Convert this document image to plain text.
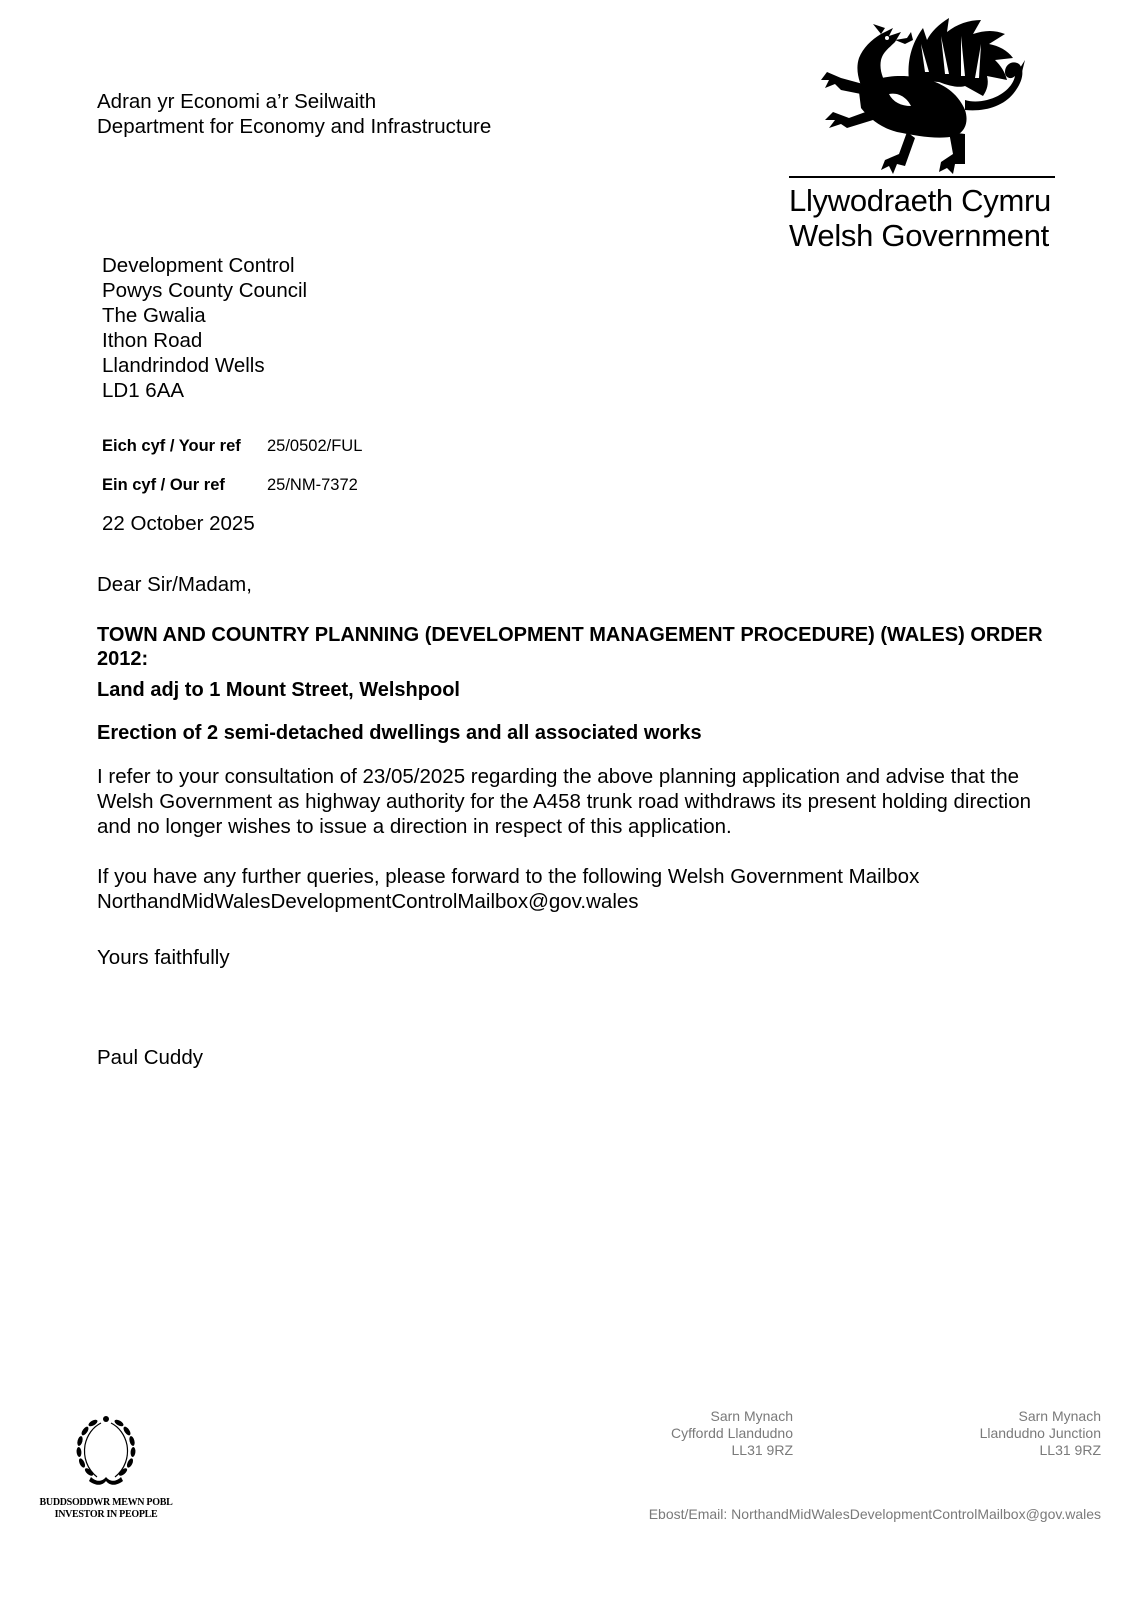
Adran yr Economi a’r Seilwaith
Department for Economy and Infrastructure
Llywodraeth Cymru
Welsh Government
Development Control
Powys County Council
The Gwalia
Ithon Road
Llandrindod Wells
LD1 6AA
Eich cyf / Your ref	25/0502/FUL
Ein cyf / Our ref	25/NM-7372
22 October 2025
Dear Sir/Madam,
TOWN AND COUNTRY PLANNING (DEVELOPMENT MANAGEMENT PROCEDURE) (WALES) ORDER 2012:
Land adj to 1 Mount Street, Welshpool
Erection of 2 semi-detached dwellings and all associated works
I refer to your consultation of 23/05/2025 regarding the above planning application and advise that the Welsh Government as highway authority for the A458 trunk road withdraws its present holding direction and no longer wishes to issue a direction in respect of this application.
If you have any further queries, please forward to the following Welsh Government Mailbox
NorthandMidWalesDevelopmentControlMailbox@gov.wales
Yours faithfully
Paul Cuddy
BUDDSODDWR MEWN POBL
INVESTOR IN PEOPLE
Sarn Mynach
Cyffordd Llandudno
LL31 9RZ
Sarn Mynach
Llandudno Junction
LL31 9RZ
Ebost/Email: NorthandMidWalesDevelopmentControlMailbox@gov.wales
